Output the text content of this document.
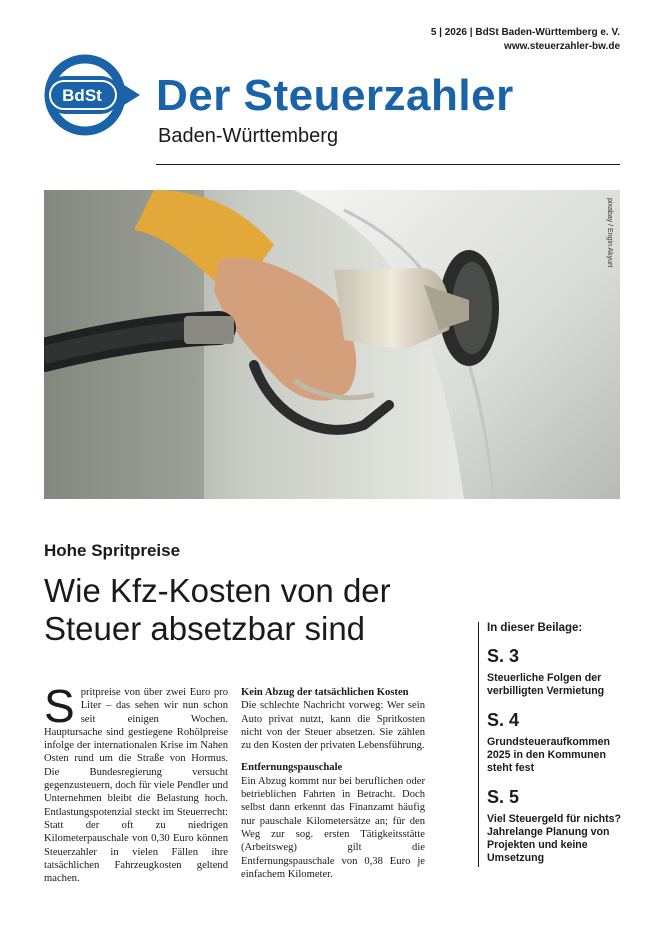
5 | 2026 | BdSt Baden-Württemberg e. V.
www.steuerzahler-bw.de
BdSt Der Steuerzahler
Baden-Württemberg
pixabay / Engin Akyurt
Hohe Spritpreise
Wie Kfz-Kosten von der Steuer absetzbar sind
Spritpreise von über zwei Euro pro Liter – das sehen wir nun schon seit einigen Wochen. Hauptursache sind gestiegene Rohölpreise infolge der internationalen Krise im Nahen Osten rund um die Straße von Hormus. Die Bundesregierung versucht gegenzusteuern, doch für viele Pendler und Unternehmen bleibt die Belastung hoch. Entlastungspotenzial steckt im Steuerrecht: Statt der oft zu niedrigen Kilometerpauschale von 0,30 Euro können Steuerzahler in vielen Fällen ihre tatsächlichen Fahrzeugkosten geltend machen.
Kein Abzug der tatsächlichen Kosten

Die schlechte Nachricht vorweg: Wer sein Auto privat nutzt, kann die Spritkosten nicht von der Steuer absetzen. Sie zählen zu den Kosten der privaten Lebensführung.

Entfernungspauschale

Ein Abzug kommt nur bei beruflichen oder betrieblichen Fahrten in Betracht. Doch selbst dann erkennt das Finanzamt häufig nur pauschale Kilometersätze an; für den Weg zur sog. ersten Tätigkeitsstätte (Arbeitsweg) gilt die Entfernungspauschale von 0,38 Euro je einfachem Kilometer.

In dieser Beilage:
S. 3
Steuerliche Folgen der verbilligten Vermietung
S. 4
Grundsteueraufkommen 2025 in den Kommunen steht fest
S. 5
Viel Steuergeld für nichts? Jahrelange Planung von Projekten und keine Umsetzung
